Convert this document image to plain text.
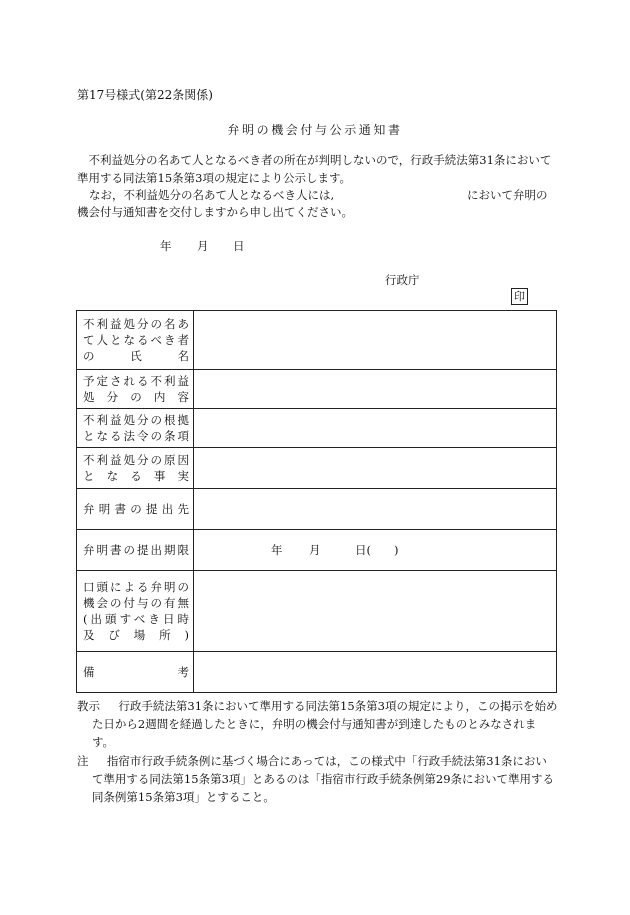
第17号様式(第22条関係)
弁明の機会付与公示通知書
不利益処分の名あて人となるべき者の所在が判明しないので，行政手続法第31条において準用する同法第15条第3項の規定により公示します。
なお，不利益処分の名あて人となるべき人には,	において弁明の
機会付与通知書を交付しますから申し出てください。
年 月 日
行政庁
印
不利益処分の名あ
て人となるべき者
の　氏　名	

予定される不利益
処　分　の　内　容	

不利益処分の根拠
となる法令の条項	

不利益処分の原因
と　な　る　事　実	

弁明書の提出先	

弁明書の提出期限	年 月 日(　　)

口頭による弁明の
機会の付与の有無
(出頭すべき日時
及　び　場　所　)	

備　　考	

教示	行政手続法第31条において準用する同法第15条第3項の規定により，この掲示を始めた日から2週間を経過したときに，弁明の機会付与通知書が到達したものとみなされます。
注	指宿市行政手続条例に基づく場合にあっては，この様式中「行政手続法第31条において準用する同法第15条第3項」とあるのは「指宿市行政手続条例第29条において準用する同条例第15条第3項」とすること。
